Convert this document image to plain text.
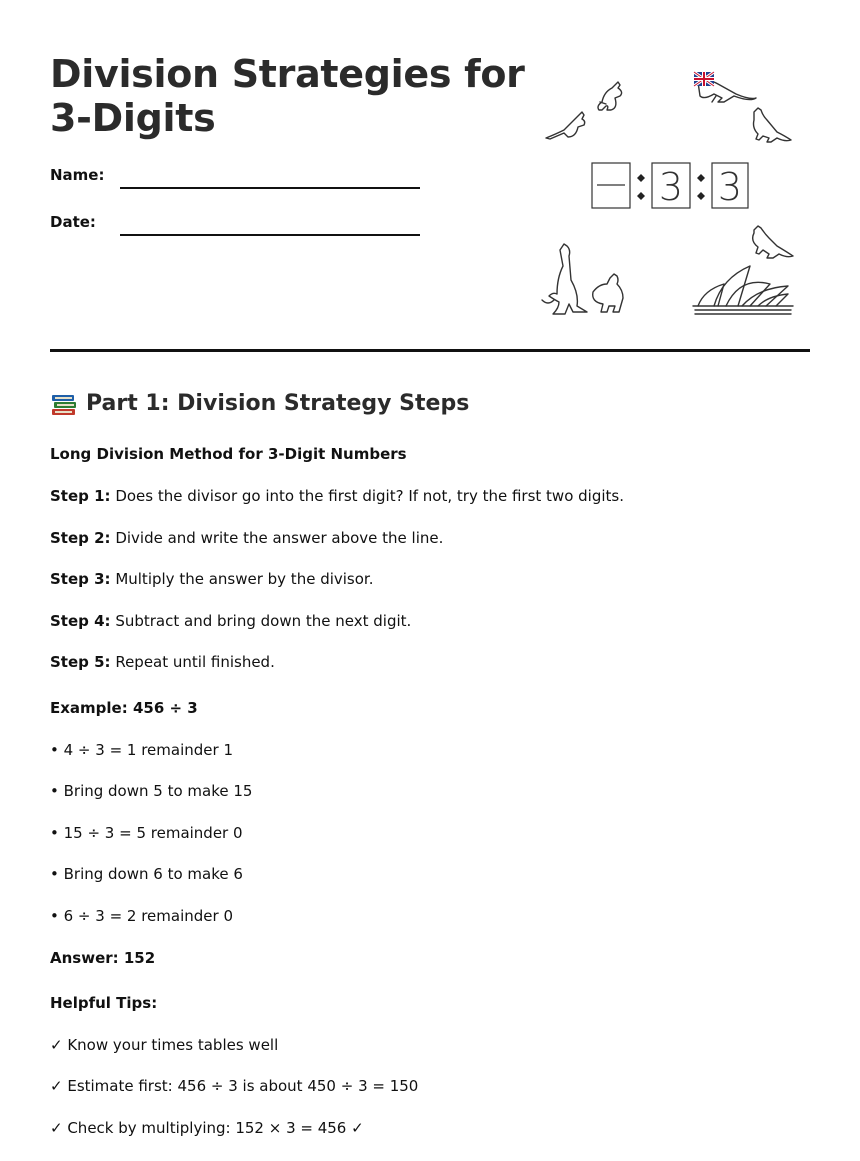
Division Strategies for
3-Digits
Name:
Date:
3 3
Part 1: Division Strategy Steps
Long Division Method for 3-Digit Numbers
Step 1: Does the divisor go into the first digit? If not, try the first two digits.
Step 2: Divide and write the answer above the line.
Step 3: Multiply the answer by the divisor.
Step 4: Subtract and bring down the next digit.
Step 5: Repeat until finished.
Example: 456 ÷ 3
• 4 ÷ 3 = 1 remainder 1
• Bring down 5 to make 15
• 15 ÷ 3 = 5 remainder 0
• Bring down 6 to make 6
• 6 ÷ 3 = 2 remainder 0
Answer: 152
Helpful Tips:
✓ Know your times tables well
✓ Estimate first: 456 ÷ 3 is about 450 ÷ 3 = 150
✓ Check by multiplying: 152 × 3 = 456 ✓
